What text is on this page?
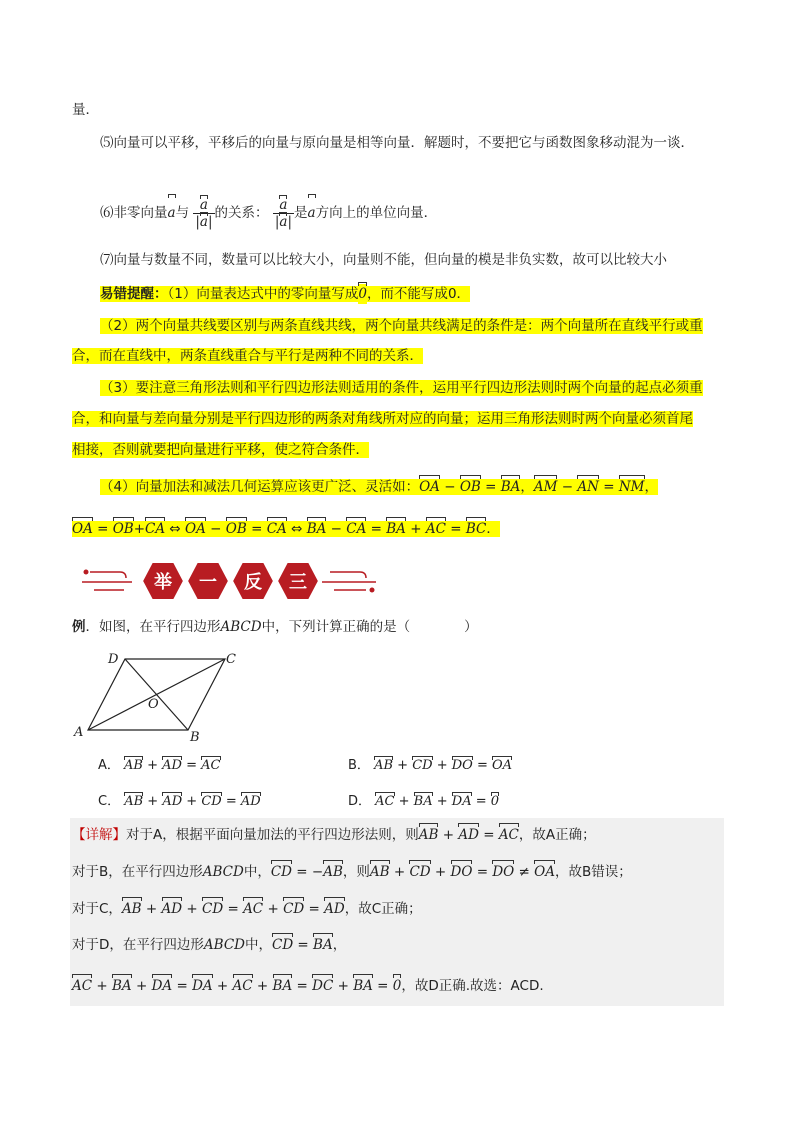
量．
⑸向量可以平移，平移后的向量与原向量是相等向量．解题时，不要把它与函数图象移动混为一谈．
⑹非零向量a与 $\frac{a}{|a|}$ 的关系： $\frac{a}{|a|}$ 是a方向上的单位向量．
⑺向量与数量不同，数量可以比较大小，向量则不能，但向量的模是非负实数，故可以比较大小
易错提醒：（1）向量表达式中的零向量写成0，而不能写成0．
（2）两个向量共线要区别与两条直线共线，两个向量共线满足的条件是：两个向量所在直线平行或重
合，而在直线中，两条直线重合与平行是两种不同的关系．
（3）要注意三角形法则和平行四边形法则适用的条件，运用平行四边形法则时两个向量的起点必须重
合，和向量与差向量分别是平行四边形的两条对角线所对应的向量；运用三角形法则时两个向量必须首尾
相接，否则就要把向量进行平移，使之符合条件．
（4）向量加法和减法几何运算应该更广泛、灵活如：OA − OB = BA，AM − AN = NM，
OA = OB+CA ⇔ OA − OB = CA ⇔ BA − CA = BA + AC = BC．
举 一 反 三
例．如图，在平行四边形ABCD中，下列计算正确的是（　　　　）
D	C
A	B
O
A． AB + AD = AC	B． AB + CD + DO = OA
C． AB + AD + CD = AD	D． AC + BA + DA = 0
【详解】对于A，根据平面向量加法的平行四边形法则，则AB + AD = AC，故A正确；
对于B，在平行四边形ABCD中，CD = −AB，则AB + CD + DO = DO ≠ OA，故B错误；
对于C，AB + AD + CD = AC + CD = AD，故C正确；
对于D，在平行四边形ABCD中，CD = BA，
AC + BA + DA = DA + AC + BA = DC + BA = 0，故D正确.故选：ACD.
